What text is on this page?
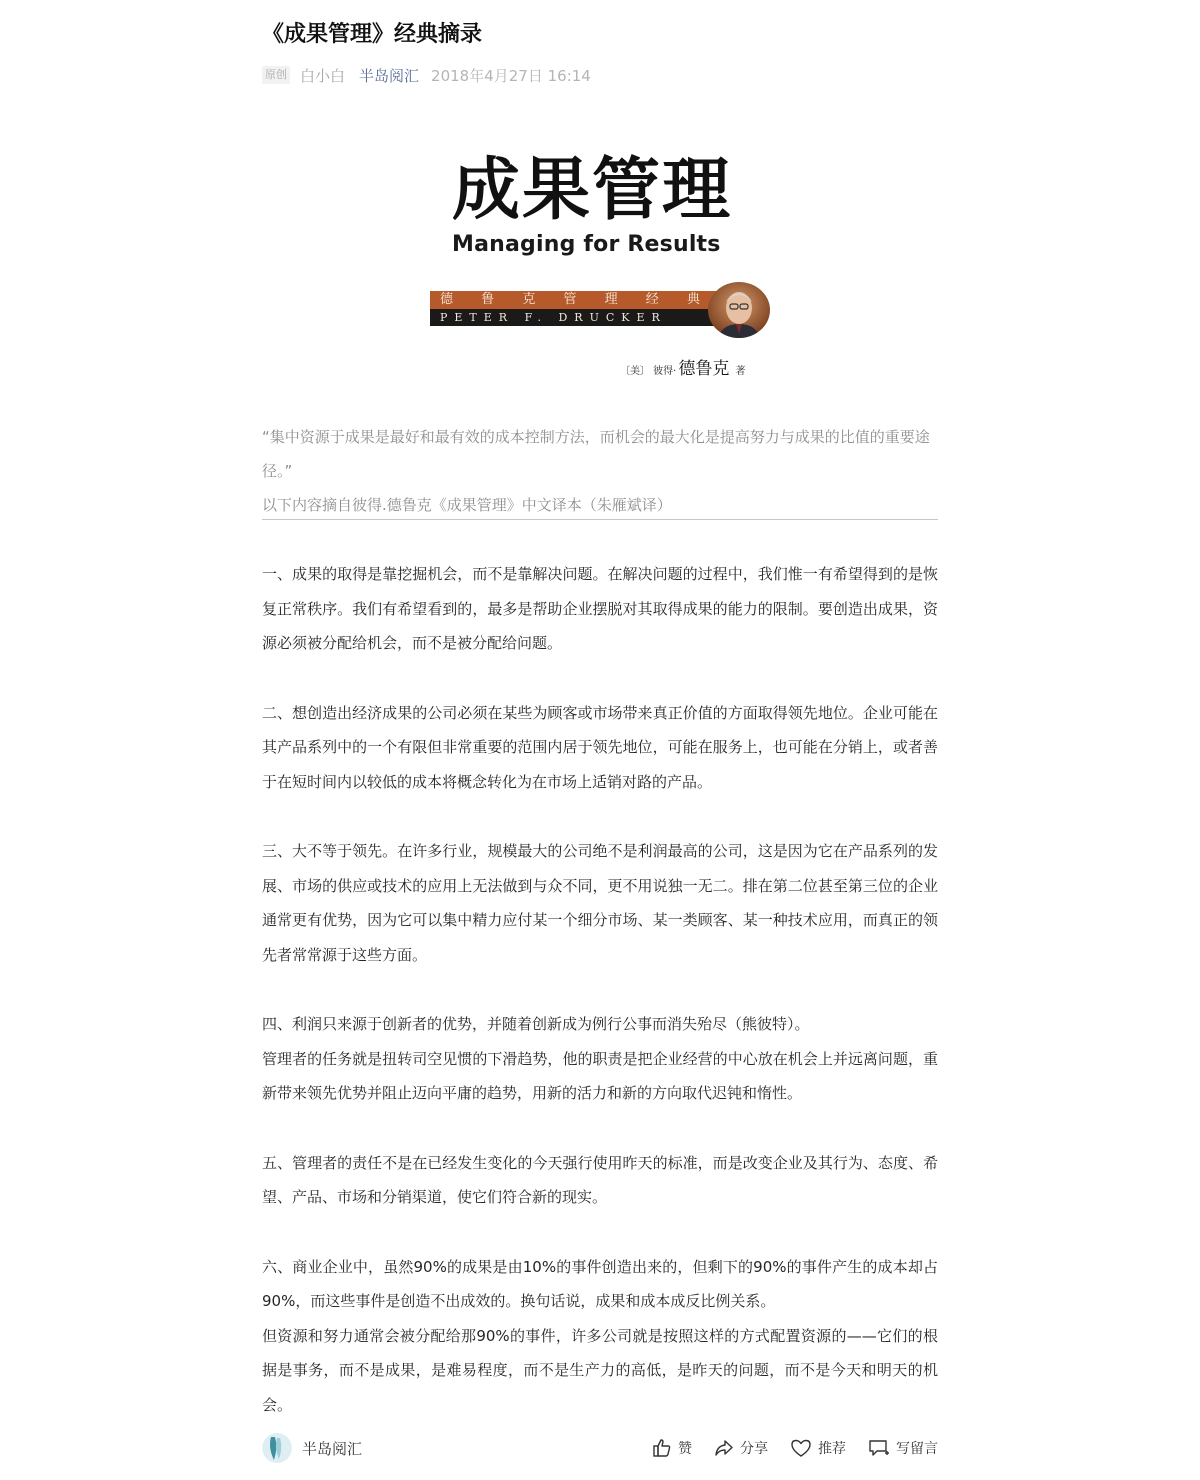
《成果管理》经典摘录
原创 白小白 半岛阅汇 2018年4月27日 16:14
成果管理
Managing for Results
德 鲁 克 管 理 经 典
PETER F. DRUCKER
〔美〕 彼得· 德鲁克 著

“集中资源于成果是最好和最有效的成本控制方法，而机会的最大化是提高努力与成果的比值的重要途径。”

以下内容摘自彼得.德鲁克《成果管理》中文译本（朱雁斌译）

一、成果的取得是靠挖掘机会，而不是靠解决问题。在解决问题的过程中，我们惟一有希望得到的是恢复正常秩序。我们有希望看到的，最多是帮助企业摆脱对其取得成果的能力的限制。要创造出成果，资源必须被分配给机会，而不是被分配给问题。

二、想创造出经济成果的公司必须在某些为顾客或市场带来真正价值的方面取得领先地位。企业可能在其产品系列中的一个有限但非常重要的范围内居于领先地位，可能在服务上，也可能在分销上，或者善于在短时间内以较低的成本将概念转化为在市场上适销对路的产品。

三、大不等于领先。在许多行业，规模最大的公司绝不是利润最高的公司，这是因为它在产品系列的发展、市场的供应或技术的应用上无法做到与众不同，更不用说独一无二。排在第二位甚至第三位的企业通常更有优势，因为它可以集中精力应付某一个细分市场、某一类顾客、某一种技术应用，而真正的领先者常常源于这些方面。

四、利润只来源于创新者的优势，并随着创新成为例行公事而消失殆尽（熊彼特）。

管理者的任务就是扭转司空见惯的下滑趋势，他的职责是把企业经营的中心放在机会上并远离问题，重新带来领先优势并阻止迈向平庸的趋势，用新的活力和新的方向取代迟钝和惰性。

五、管理者的责任不是在已经发生变化的今天强行使用昨天的标准，而是改变企业及其行为、态度、希望、产品、市场和分销渠道，使它们符合新的现实。

六、商业企业中，虽然90%的成果是由10%的事件创造出来的，但剩下的90%的事件产生的成本却占90%，而这些事件是创造不出成效的。换句话说，成果和成本成反比例关系。

但资源和努力通常会被分配给那90%的事件，许多公司就是按照这样的方式配置资源的——它们的根据是事务，而不是成果，是难易程度，而不是生产力的高低，是昨天的问题，而不是今天和明天的机会。

半岛阅汇	赞	分享	推荐	写留言
